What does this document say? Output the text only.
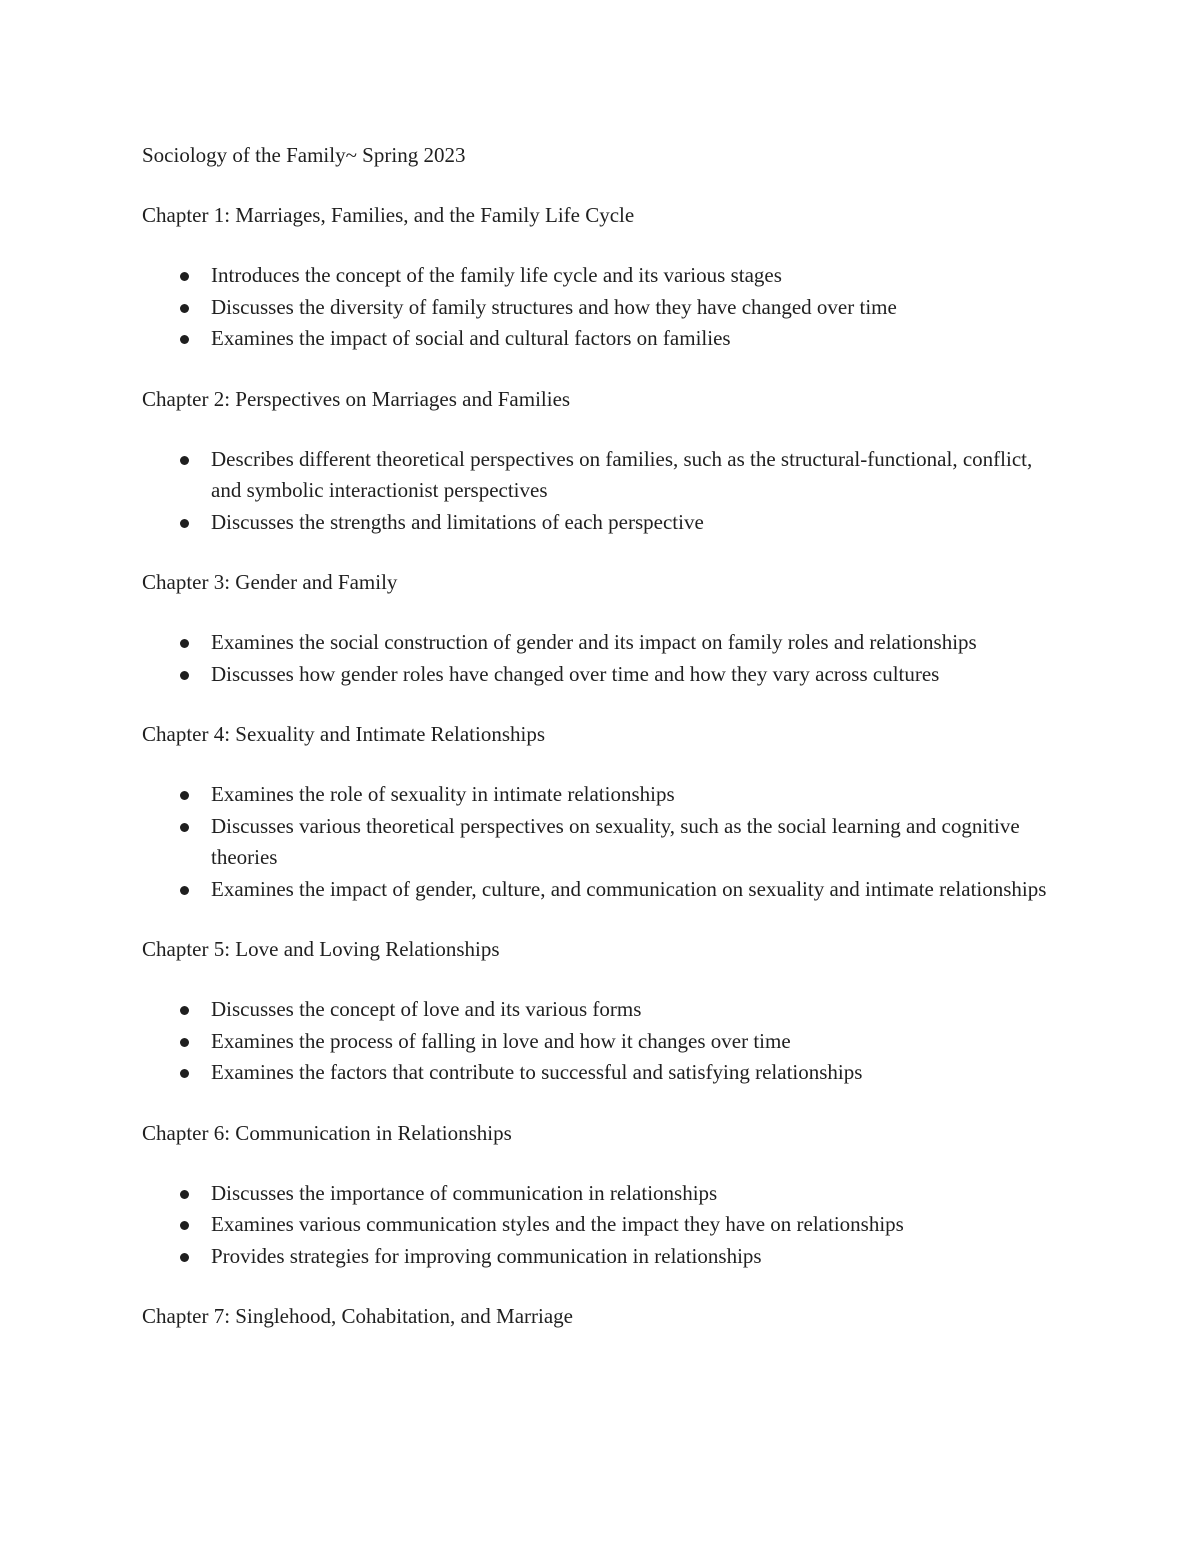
Sociology of the Family~ Spring 2023

Chapter 1: Marriages, Families, and the Family Life Cycle

Introduces the concept of the family life cycle and its various stages
Discusses the diversity of family structures and how they have changed over time
Examines the impact of social and cultural factors on families

Chapter 2: Perspectives on Marriages and Families

Describes different theoretical perspectives on families, such as the structural-functional, conflict, and symbolic interactionist perspectives
Discusses the strengths and limitations of each perspective

Chapter 3: Gender and Family

Examines the social construction of gender and its impact on family roles and relationships
Discusses how gender roles have changed over time and how they vary across cultures

Chapter 4: Sexuality and Intimate Relationships

Examines the role of sexuality in intimate relationships
Discusses various theoretical perspectives on sexuality, such as the social learning and cognitive theories
Examines the impact of gender, culture, and communication on sexuality and intimate relationships

Chapter 5: Love and Loving Relationships

Discusses the concept of love and its various forms
Examines the process of falling in love and how it changes over time
Examines the factors that contribute to successful and satisfying relationships

Chapter 6: Communication in Relationships

Discusses the importance of communication in relationships
Examines various communication styles and the impact they have on relationships
Provides strategies for improving communication in relationships

Chapter 7: Singlehood, Cohabitation, and Marriage
